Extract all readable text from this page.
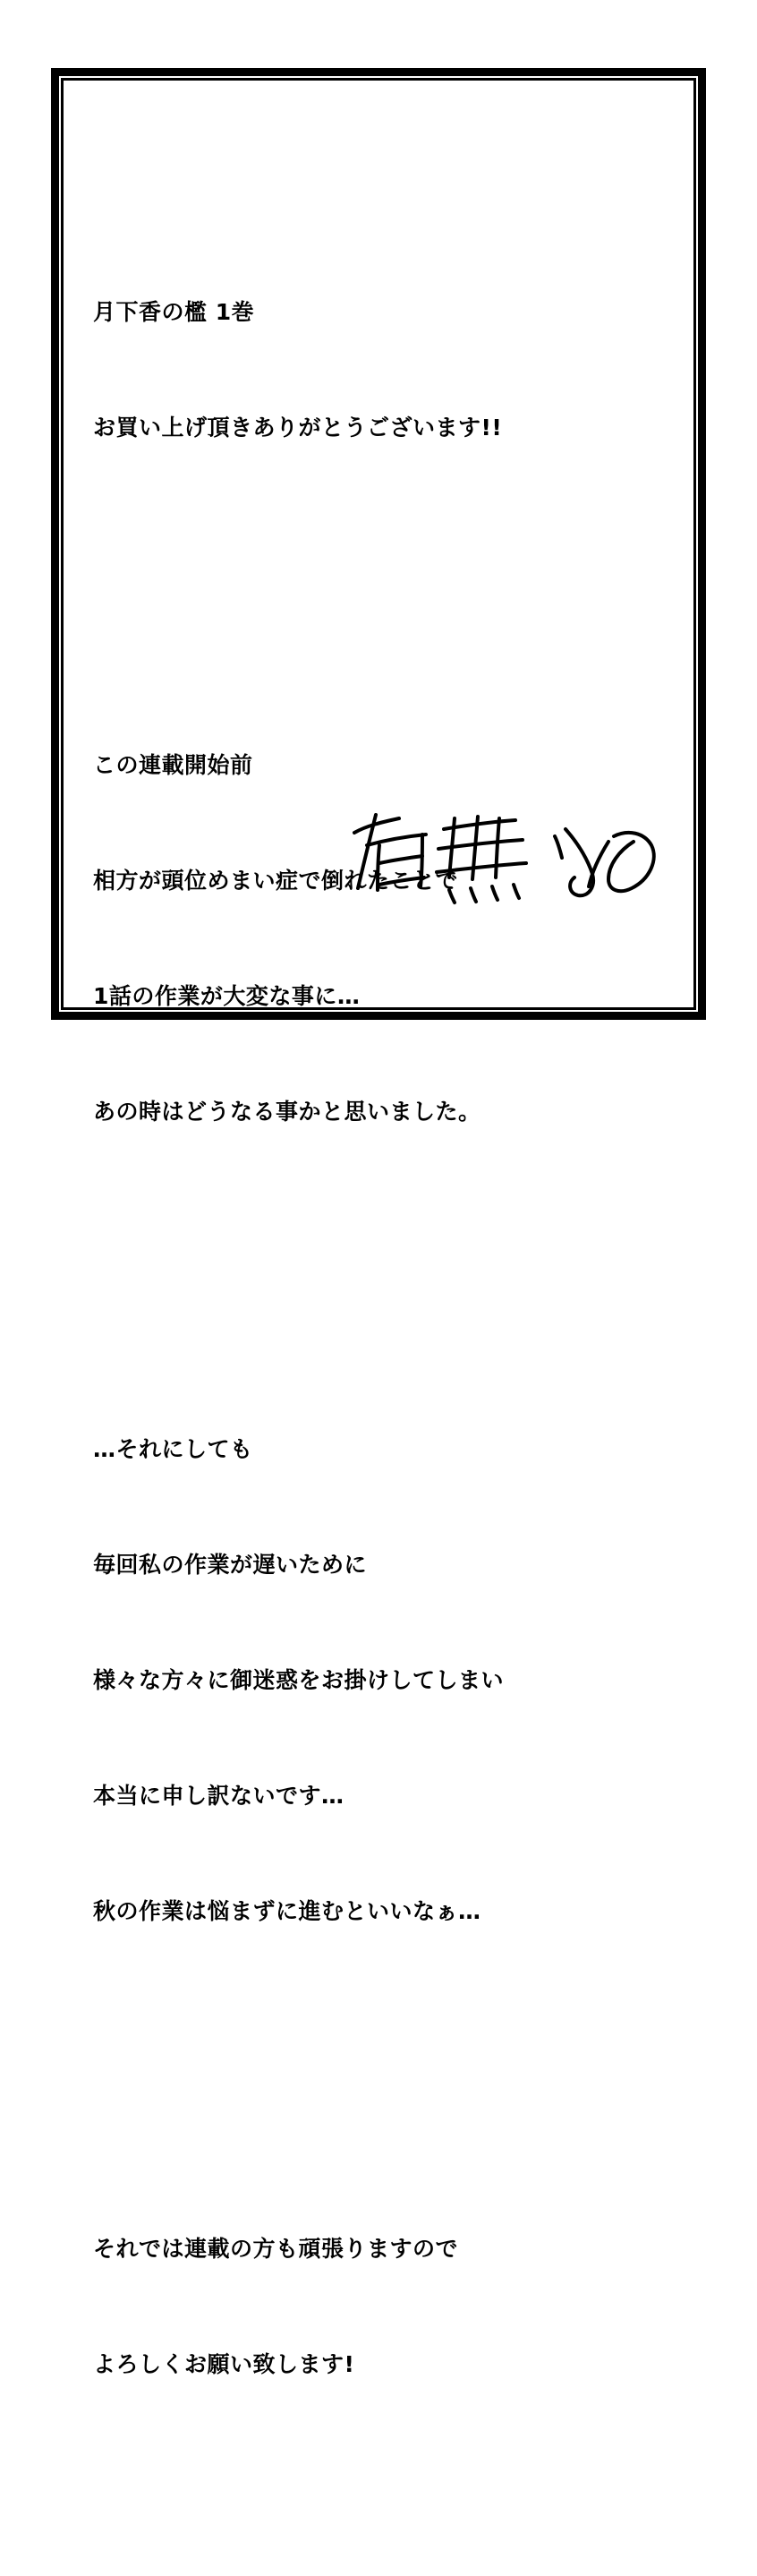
月下香の檻 1巻

お買い上げ頂きありがとうございます!!

この連載開始前

相方が頭位めまい症で倒れたことで

1話の作業が大変な事に…

あの時はどうなる事かと思いました。

…それにしても

毎回私の作業が遅いために

様々な方々に御迷惑をお掛けしてしまい

本当に申し訳ないです…

秋の作業は悩まずに進むといいなぁ…

それでは連載の方も頑張りますので

よろしくお願い致します!
